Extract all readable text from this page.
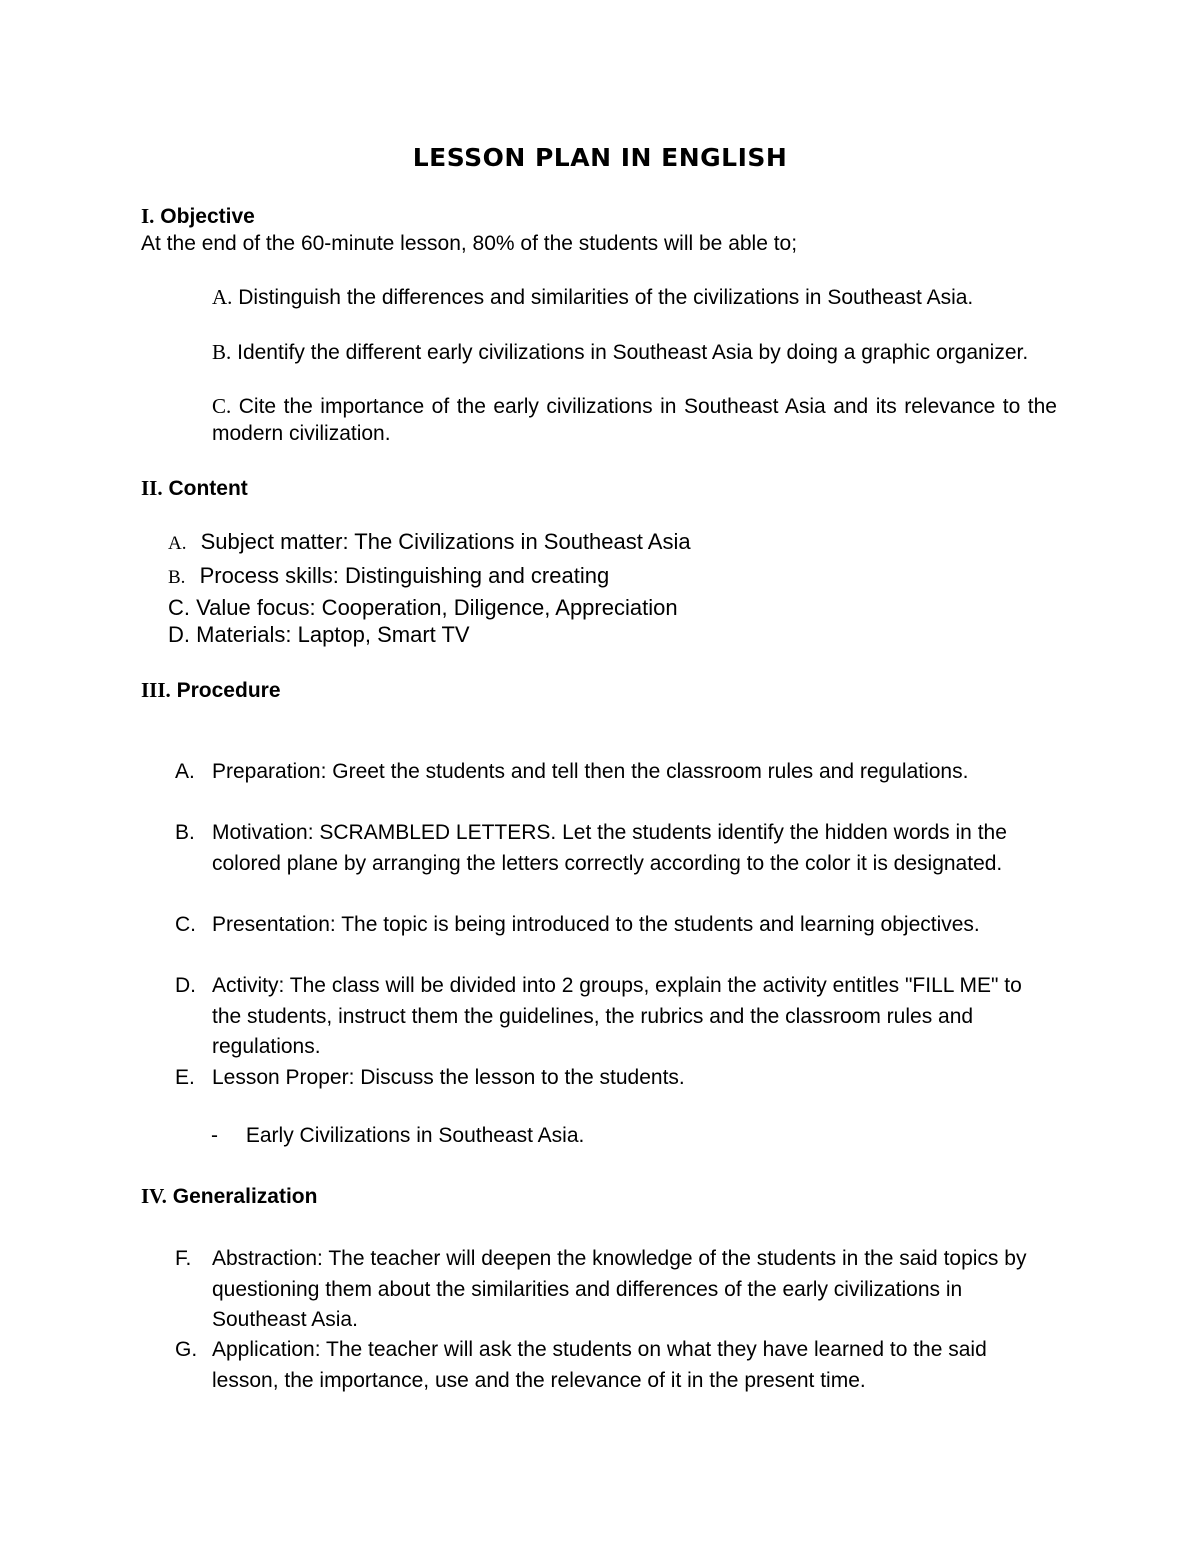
LESSON PLAN IN ENGLISH
I. Objective
At the end of the 60-minute lesson, 80% of the students will be able to;
A. Distinguish the differences and similarities of the civilizations in Southeast Asia.
B. Identify the different early civilizations in Southeast Asia by doing a graphic organizer.
C. Cite the importance of the early civilizations in Southeast Asia and its relevance to the modern civilization.
II. Content
A. Subject matter: The Civilizations in Southeast Asia
B. Process skills: Distinguishing and creating
C. Value focus: Cooperation, Diligence, Appreciation
D. Materials: Laptop, Smart TV
III. Procedure
A. Preparation: Greet the students and tell then the classroom rules and regulations.
B. Motivation: SCRAMBLED LETTERS. Let the students identify the hidden words in the colored plane by arranging the letters correctly according to the color it is designated.
C. Presentation: The topic is being introduced to the students and learning objectives.
D. Activity: The class will be divided into 2 groups, explain the activity entitles "FILL ME" to the students, instruct them the guidelines, the rubrics and the classroom rules and regulations.
E. Lesson Proper: Discuss the lesson to the students.
- Early Civilizations in Southeast Asia.
IV. Generalization
F. Abstraction: The teacher will deepen the knowledge of the students in the said topics by questioning them about the similarities and differences of the early civilizations in Southeast Asia.
G. Application: The teacher will ask the students on what they have learned to the said lesson, the importance, use and the relevance of it in the present time.
